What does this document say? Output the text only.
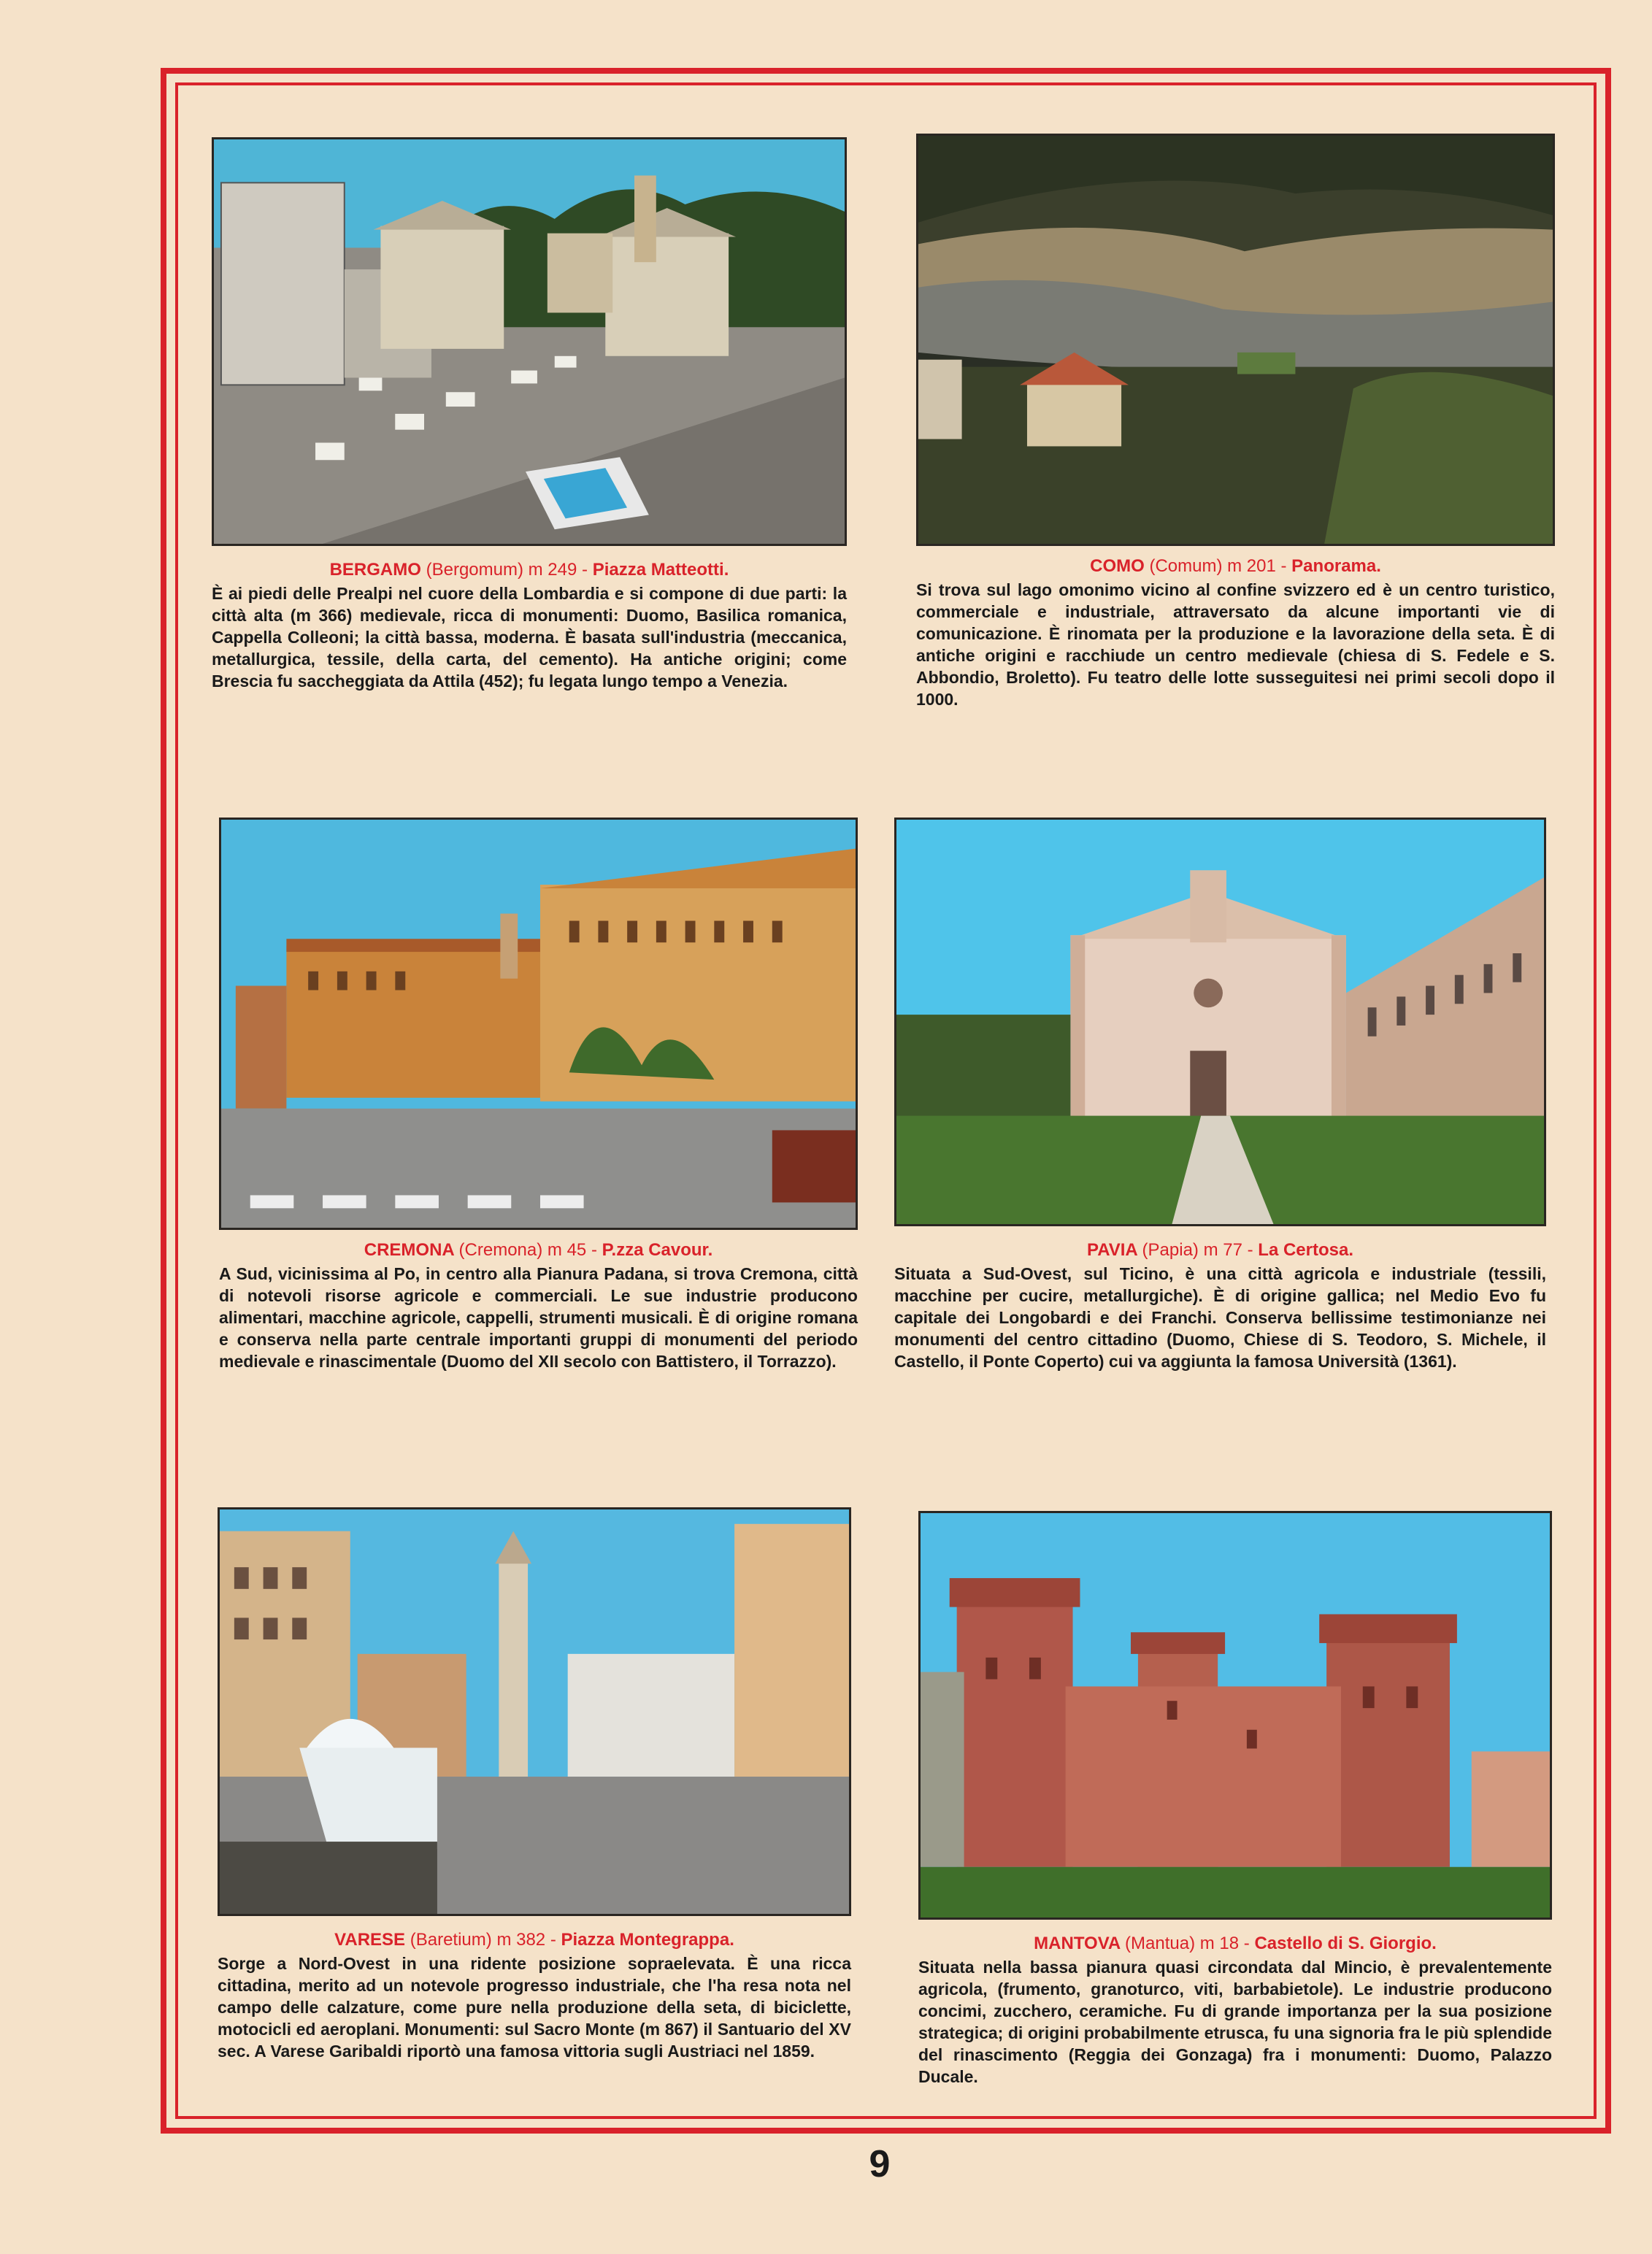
BERGAMO (Bergomum) m 249 - Piazza Matteotti.
È ai piedi delle Prealpi nel cuore della Lombardia e si compone di due parti: la città alta (m 366) medievale, ricca di monumenti: Duomo, Basilica romanica, Cappella Colleoni; la città bassa, moderna. È basata sull'industria (meccanica, metallurgica, tessile, della carta, del cemento). Ha antiche origini; come Brescia fu saccheggiata da Attila (452); fu legata lungo tempo a Venezia.
COMO (Comum) m 201 - Panorama.
Si trova sul lago omonimo vicino al confine svizzero ed è un centro turistico, commerciale e industriale, attraversato da alcune importanti vie di comunicazione. È rinomata per la produzione e la lavorazione della seta. È di antiche origini e racchiude un centro medievale (chiesa di S. Fedele e S. Abbondio, Broletto). Fu teatro delle lotte susseguitesi nei primi secoli dopo il 1000.
CREMONA (Cremona) m 45 - P.zza Cavour.
A Sud, vicinissima al Po, in centro alla Pianura Padana, si trova Cremona, città di notevoli risorse agricole e commerciali. Le sue industrie producono alimentari, macchine agricole, cappelli, strumenti musicali. È di origine romana e conserva nella parte centrale importanti gruppi di monumenti del periodo medievale e rinascimentale (Duomo del XII secolo con Battistero, il Torrazzo).
PAVIA (Papia) m 77 - La Certosa.
Situata a Sud-Ovest, sul Ticino, è una città agricola e industriale (tessili, macchine per cucire, metallurgiche). È di origine gallica; nel Medio Evo fu capitale dei Longobardi e dei Franchi. Conserva bellissime testimonianze nei monumenti del centro cittadino (Duomo, Chiese di S. Teodoro, S. Michele, il Castello, il Ponte Coperto) cui va aggiunta la famosa Università (1361).
VARESE (Baretium) m 382 - Piazza Montegrappa.
Sorge a Nord-Ovest in una ridente posizione sopraelevata. È una ricca cittadina, merito ad un notevole progresso industriale, che l'ha resa nota nel campo delle calzature, come pure nella produzione della seta, di biciclette, motocicli ed aeroplani. Monumenti: sul Sacro Monte (m 867) il Santuario del XV sec. A Varese Garibaldi riportò una famosa vittoria sugli Austriaci nel 1859.
MANTOVA (Mantua) m 18 - Castello di S. Giorgio.
Situata nella bassa pianura quasi circondata dal Mincio, è prevalentemente agricola, (frumento, granoturco, viti, barbabietole). Le industrie producono concimi, zucchero, ceramiche. Fu di grande importanza per la sua posizione strategica; di origini probabilmente etrusca, fu una signoria fra le più splendide del rinascimento (Reggia dei Gonzaga) fra i monumenti: Duomo, Palazzo Ducale.
9
